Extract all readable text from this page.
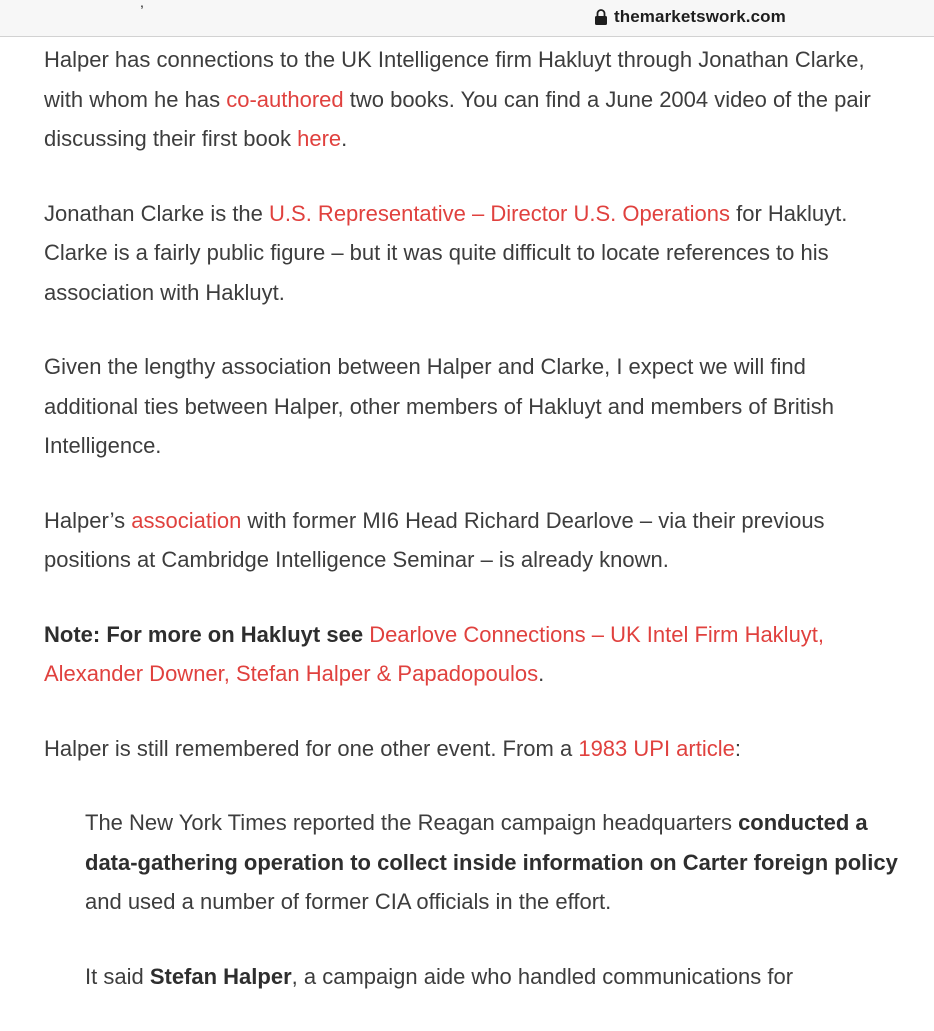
,
themarketswork.com

Halper has connections to the UK Intelligence firm Hakluyt through Jonathan Clarke, with whom he has co-authored two books. You can find a June 2004 video of the pair discussing their first book here.

Jonathan Clarke is the U.S. Representative – Director U.S. Operations for Hakluyt. Clarke is a fairly public figure – but it was quite difficult to locate references to his association with Hakluyt.

Given the lengthy association between Halper and Clarke, I expect we will find additional ties between Halper, other members of Hakluyt and members of British Intelligence.

Halper’s association with former MI6 Head Richard Dearlove – via their previous positions at Cambridge Intelligence Seminar – is already known.

Note: For more on Hakluyt see Dearlove Connections – UK Intel Firm Hakluyt, Alexander Downer, Stefan Halper & Papadopoulos.

Halper is still remembered for one other event. From a 1983 UPI article:

The New York Times reported the Reagan campaign headquarters conducted a data-gathering operation to collect inside information on Carter foreign policy and used a number of former CIA officials in the effort.

It said Stefan Halper, a campaign aide who handled communications for
